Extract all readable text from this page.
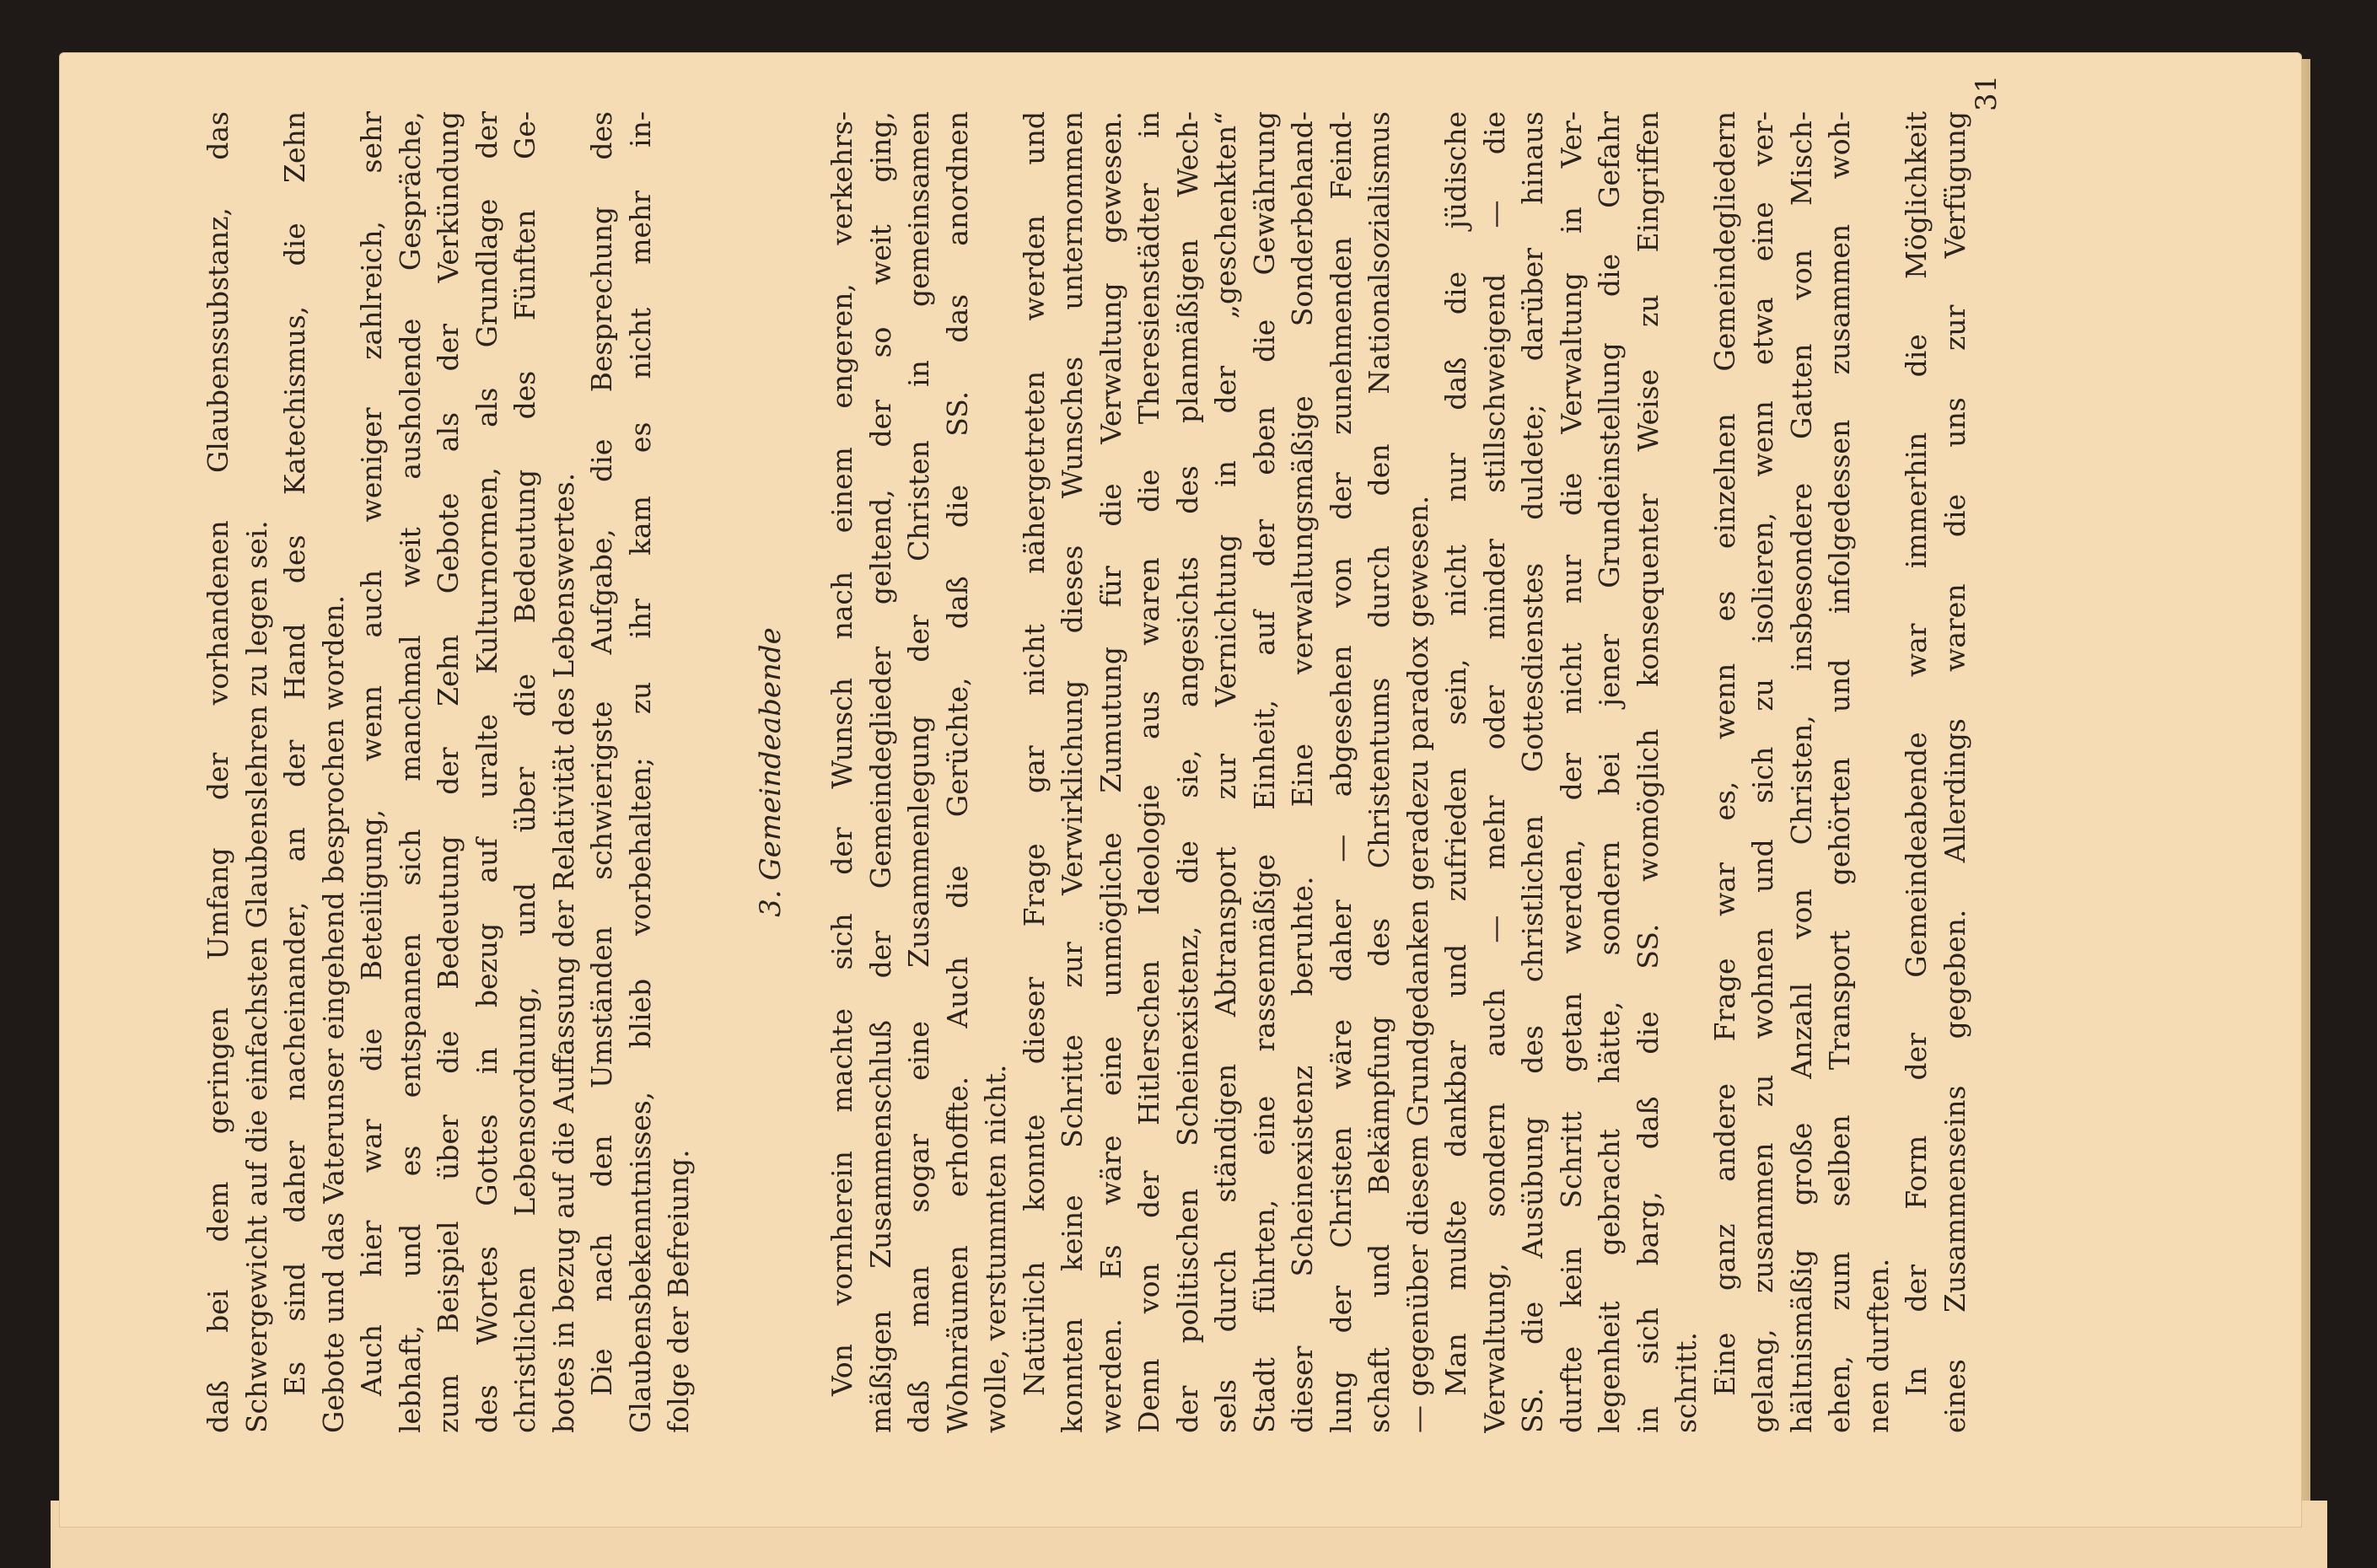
daß bei dem geringen Umfang der vorhandenen Glaubenssubstanz, das Schwergewicht auf die einfachsten Glaubenslehren zu legen sei. Es sind daher nacheinander, an der Hand des Katechismus, die Zehn Gebote und das Vaterunser eingehend besprochen worden. Auch hier war die Beteiligung, wenn auch weniger zahlreich, sehr lebhaft, und es entspannen sich manchmal weit ausholende Gespräche, zum Beispiel über die Bedeutung der Zehn Gebote als der Verkündung des Wortes Gottes in bezug auf uralte Kulturnormen, als Grundlage der christlichen Lebensordnung, und über die Bedeutung des Fünften Ge- botes in bezug auf die Auffassung der Relativität des Lebenswertes. Die nach den Umständen schwierigste Aufgabe, die Besprechung des Glaubensbekenntnisses, blieb vorbehalten; zu ihr kam es nicht mehr in- folge der Befreiung.
3. Gemeindeabende Von vornherein machte sich der Wunsch nach einem engeren, verkehrs- mäßigen Zusammenschluß der Gemeindeglieder geltend, der so weit ging, daß man sogar eine Zusammenlegung der Christen in gemeinsamen Wohnräumen erhoffte. Auch die Gerüchte, daß die SS. das anordnen wolle, verstummten nicht. Natürlich konnte dieser Frage gar nicht nähergetreten werden und konnten keine Schritte zur Verwirklichung dieses Wunsches unternommen werden. Es wäre eine unmögliche Zumutung für die Verwaltung gewesen. Denn von der Hitlerschen Ideologie aus waren die Theresienstädter in der politischen Scheinexistenz, die sie, angesichts des planmäßigen Wech- sels durch ständigen Abtransport zur Vernichtung in der „geschenkten“ Stadt führten, eine rassenmäßige Einheit, auf der eben die Gewährung dieser Scheinexistenz beruhte. Eine verwaltungsmäßige Sonderbehand- lung der Christen wäre daher — abgesehen von der zunehmenden Feind- schaft und Bekämpfung des Christentums durch den Nationalsozialismus — gegenüber diesem Grundgedanken geradezu paradox gewesen. Man mußte dankbar und zufrieden sein, nicht nur daß die jüdische Verwaltung, sondern auch — mehr oder minder stillschweigend — die SS. die Ausübung des christlichen Gottesdienstes duldete; darüber hinaus durfte kein Schritt getan werden, der nicht nur die Verwaltung in Ver- legenheit gebracht hätte, sondern bei jener Grundeinstellung die Gefahr in sich barg, daß die SS. womöglich konsequenter Weise zu Eingriffen schritt. Eine ganz andere Frage war es, wenn es einzelnen Gemeindegliedern gelang, zusammen zu wohnen und sich zu isolieren, wenn etwa eine ver- hältnismäßig große Anzahl von Christen, insbesondere Gatten von Misch- ehen, zum selben Transport gehörten und infolgedessen zusammen woh- nen durften. In der Form der Gemeindeabende war immerhin die Möglichkeit eines Zusammenseins gegeben. Allerdings waren die uns zur Verfügung
31
